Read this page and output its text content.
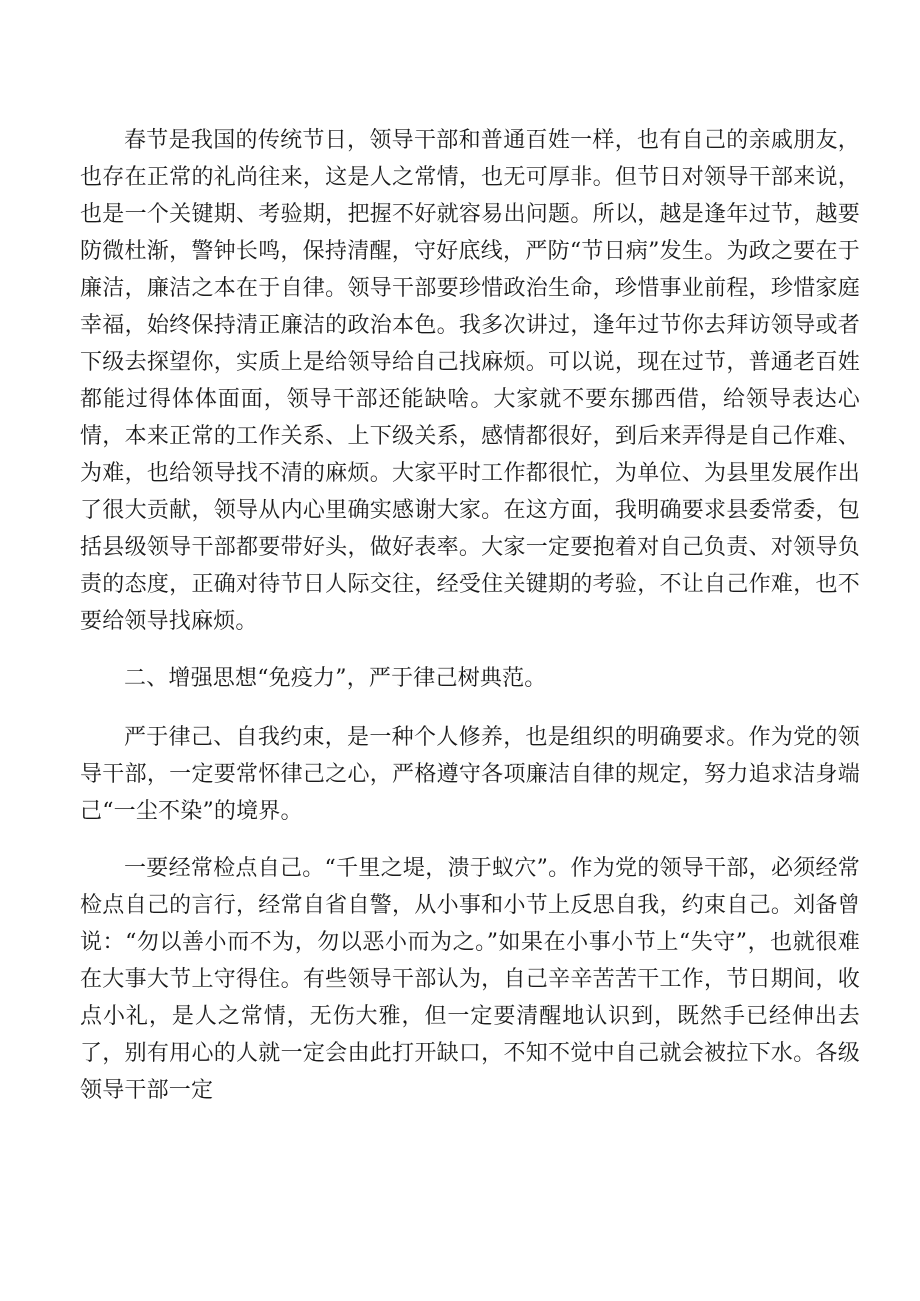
春节是我国的传统节日，领导干部和普通百姓一样，也有自己的亲戚朋友，也存在正常的礼尚往来，这是人之常情，也无可厚非。但节日对领导干部来说，也是一个关键期、考验期，把握不好就容易出问题。所以，越是逢年过节，越要防微杜渐，警钟长鸣，保持清醒，守好底线，严防“节日病”发生。为政之要在于廉洁，廉洁之本在于自律。领导干部要珍惜政治生命，珍惜事业前程，珍惜家庭幸福，始终保持清正廉洁的政治本色。我多次讲过，逢年过节你去拜访领导或者下级去探望你，实质上是给领导给自己找麻烦。可以说，现在过节，普通老百姓都能过得体体面面，领导干部还能缺啥。大家就不要东挪西借，给领导表达心情，本来正常的工作关系、上下级关系，感情都很好，到后来弄得是自己作难、为难，也给领导找不清的麻烦。大家平时工作都很忙，为单位、为县里发展作出了很大贡献，领导从内心里确实感谢大家。在这方面，我明确要求县委常委，包括县级领导干部都要带好头，做好表率。大家一定要抱着对自己负责、对领导负责的态度，正确对待节日人际交往，经受住关键期的考验，不让自己作难，也不要给领导找麻烦。

二、增强思想“免疫力”，严于律己树典范。

严于律己、自我约束，是一种个人修养，也是组织的明确要求。作为党的领导干部，一定要常怀律己之心，严格遵守各项廉洁自律的规定，努力追求洁身端己“一尘不染”的境界。

一要经常检点自己。“千里之堤，溃于蚁穴”。作为党的领导干部，必须经常检点自己的言行，经常自省自警，从小事和小节上反思自我，约束自己。刘备曾说：“勿以善小而不为，勿以恶小而为之。”如果在小事小节上“失守”，也就很难在大事大节上守得住。有些领导干部认为，自己辛辛苦苦干工作，节日期间，收点小礼，是人之常情，无伤大雅，但一定要清醒地认识到，既然手已经伸出去了，别有用心的人就一定会由此打开缺口，不知不觉中自己就会被拉下水。各级领导干部一定
